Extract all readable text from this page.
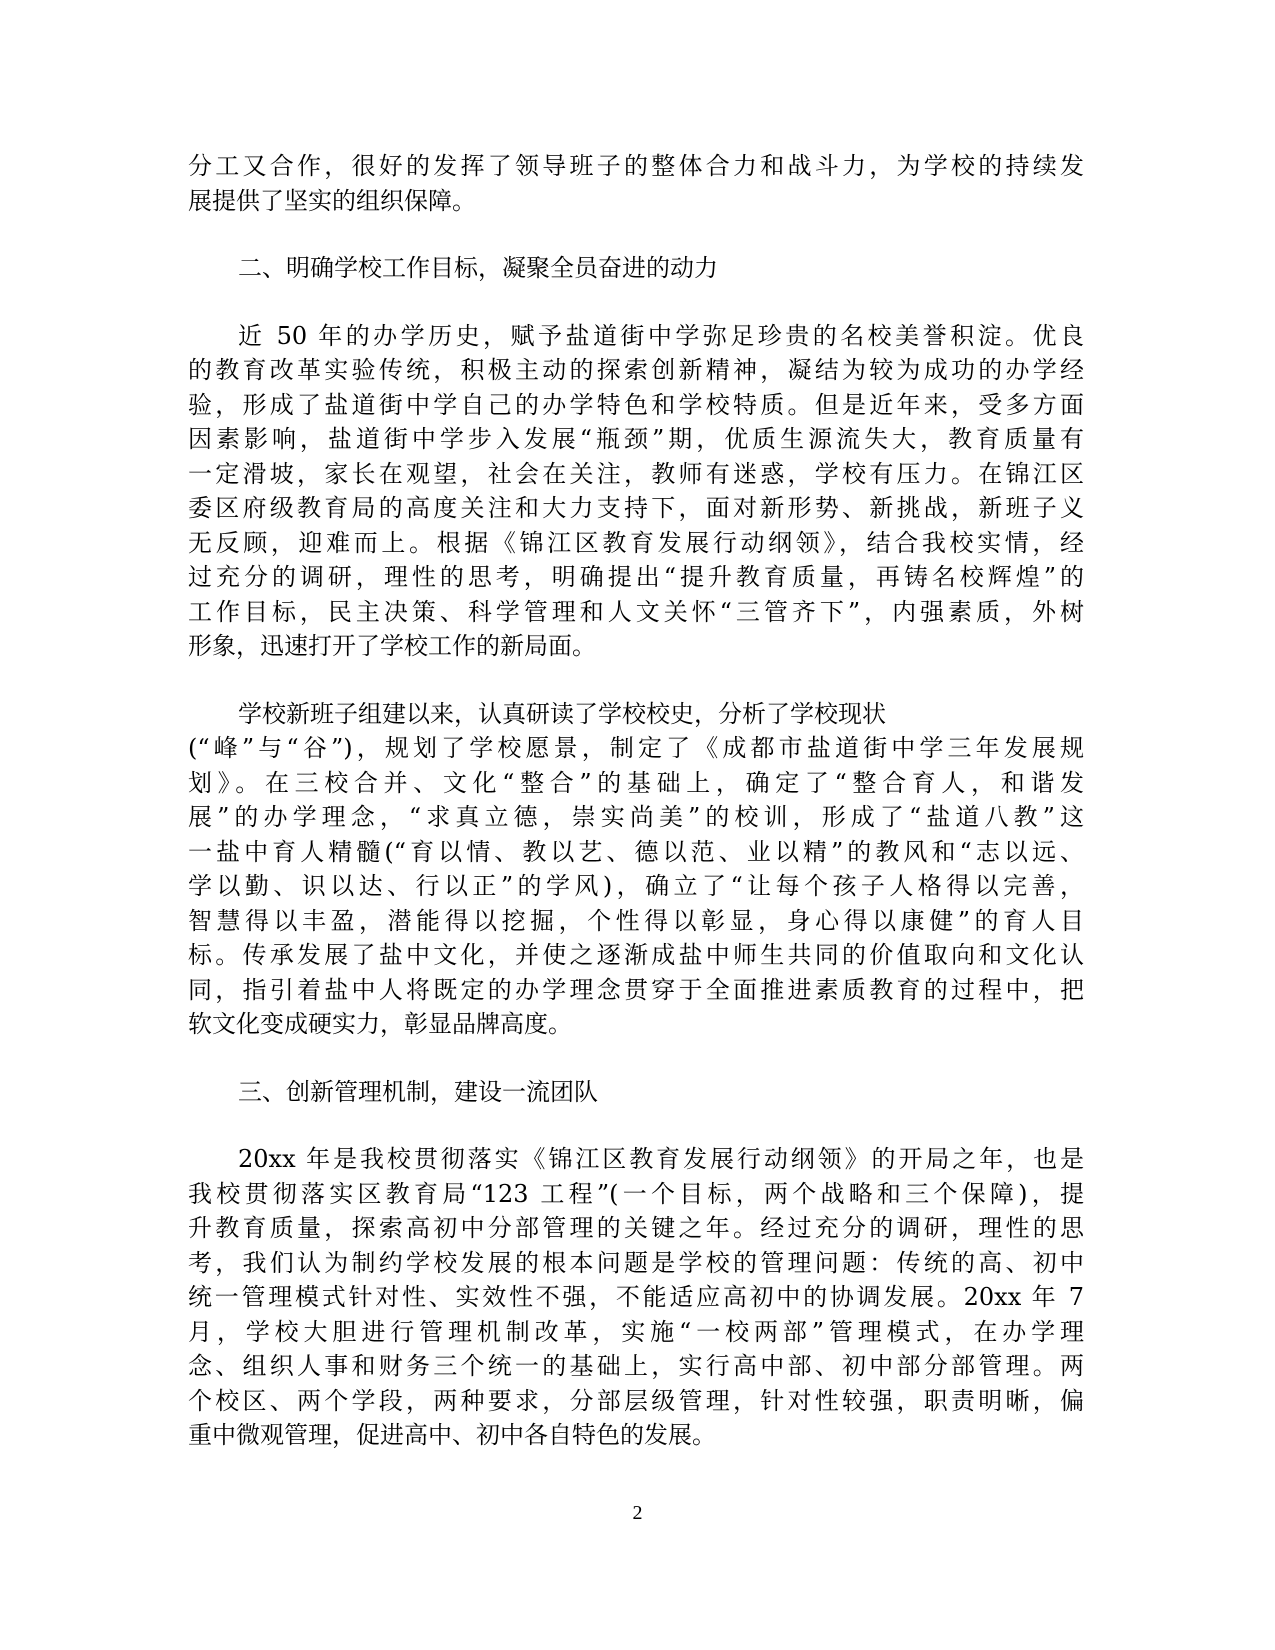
分工又合作，很好的发挥了领导班子的整体合力和战斗力，为学校的持续发
展提供了坚实的组织保障。

二、明确学校工作目标，凝聚全员奋进的动力

近 50 年的办学历史，赋予盐道街中学弥足珍贵的名校美誉积淀。优良
的教育改革实验传统，积极主动的探索创新精神，凝结为较为成功的办学经
验，形成了盐道街中学自己的办学特色和学校特质。但是近年来，受多方面
因素影响，盐道街中学步入发展“瓶颈”期，优质生源流失大，教育质量有
一定滑坡，家长在观望，社会在关注，教师有迷惑，学校有压力。在锦江区
委区府级教育局的高度关注和大力支持下，面对新形势、新挑战，新班子义
无反顾，迎难而上。根据《锦江区教育发展行动纲领》，结合我校实情，经
过充分的调研，理性的思考，明确提出“提升教育质量，再铸名校辉煌”的
工作目标，民主决策、科学管理和人文关怀“三管齐下”，内强素质，外树
形象，迅速打开了学校工作的新局面。

学校新班子组建以来，认真研读了学校校史，分析了学校现状
(“峰”与“谷”)，规划了学校愿景，制定了《成都市盐道街中学三年发展规
划》。在三校合并、文化“整合”的基础上，确定了“整合育人，和谐发
展”的办学理念，“求真立德，崇实尚美”的校训，形成了“盐道八教”这
一盐中育人精髓(“育以情、教以艺、德以范、业以精”的教风和“志以远、
学以勤、识以达、行以正”的学风)，确立了“让每个孩子人格得以完善，
智慧得以丰盈，潜能得以挖掘，个性得以彰显，身心得以康健”的育人目
标。传承发展了盐中文化，并使之逐渐成盐中师生共同的价值取向和文化认
同，指引着盐中人将既定的办学理念贯穿于全面推进素质教育的过程中，把
软文化变成硬实力，彰显品牌高度。

三、创新管理机制，建设一流团队

20xx 年是我校贯彻落实《锦江区教育发展行动纲领》的开局之年，也是
我校贯彻落实区教育局“123 工程”(一个目标，两个战略和三个保障)，提
升教育质量，探索高初中分部管理的关键之年。经过充分的调研，理性的思
考，我们认为制约学校发展的根本问题是学校的管理问题：传统的高、初中
统一管理模式针对性、实效性不强，不能适应高初中的协调发展。20xx 年 7
月，学校大胆进行管理机制改革，实施“一校两部”管理模式，在办学理
念、组织人事和财务三个统一的基础上，实行高中部、初中部分部管理。两
个校区、两个学段，两种要求，分部层级管理，针对性较强，职责明晰，偏
重中微观管理，促进高中、初中各自特色的发展。

2
